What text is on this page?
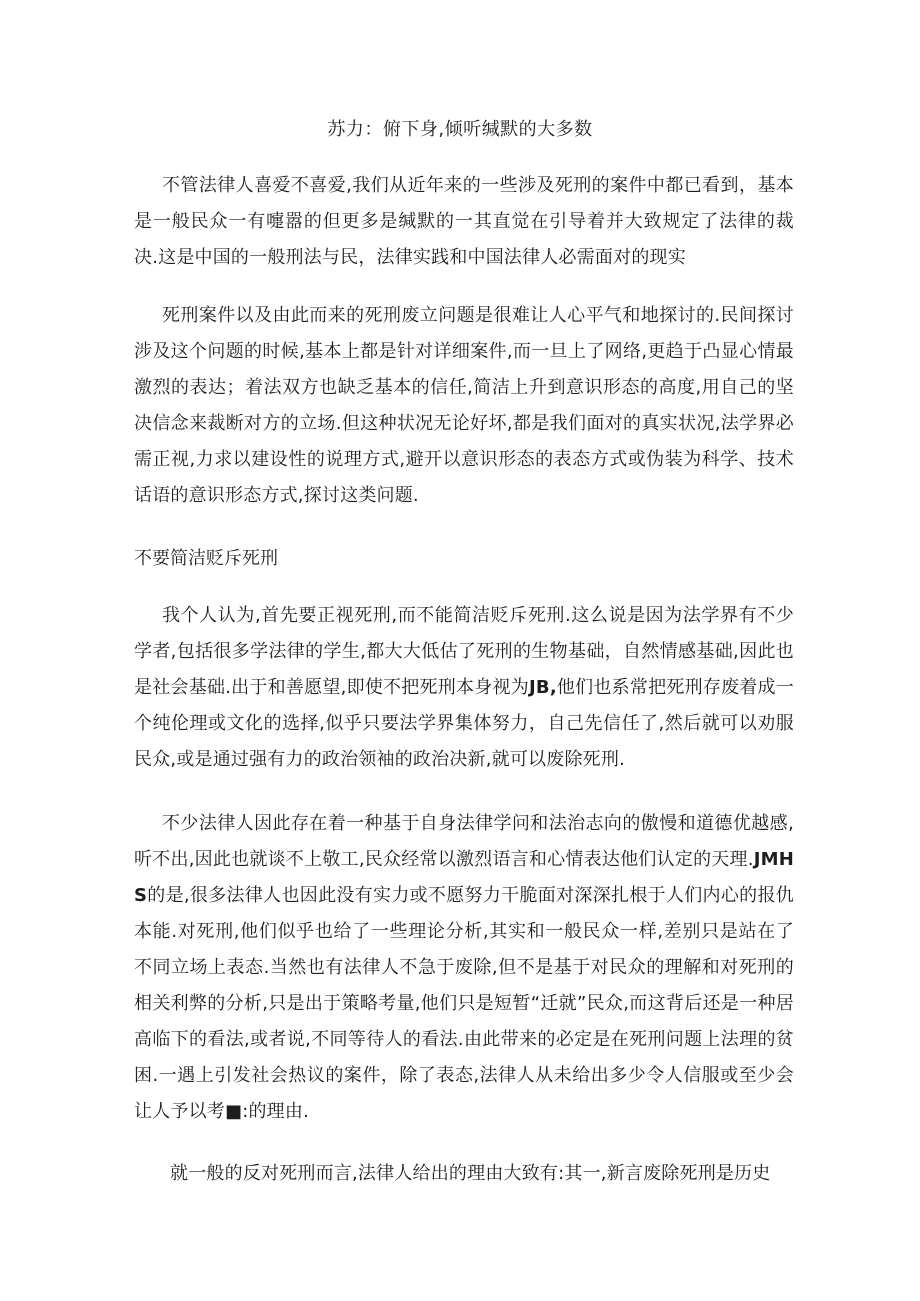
苏力：俯下身,倾听缄默的大多数

不管法律人喜爱不喜爱,我们从近年来的一些涉及死刑的案件中都已看到，基本是一般民众一有嚏嚣的但更多是缄默的一其直觉在引导着并大致规定了法律的裁决.这是中国的一般刑法与民，法律实践和中国法律人必需面对的现实

死刑案件以及由此而来的死刑废立问题是很难让人心平气和地探讨的.民间探讨涉及这个问题的时候,基本上都是针对详细案件,而一旦上了网络,更趋于凸显心情最激烈的表达；着法双方也缺乏基本的信任,简洁上升到意识形态的高度,用自己的坚决信念来裁断对方的立场.但这种状况无论好坏,都是我们面对的真实状况,法学界必需正视,力求以建设性的说理方式,避开以意识形态的表态方式或伪装为科学、技术话语的意识形态方式,探讨这类问题.

不要简洁贬斥死刑

我个人认为,首先要正视死刑,而不能简洁贬斥死刑.这么说是因为法学界有不少学者,包括很多学法律的学生,都大大低估了死刑的生物基础，自然情感基础,因此也是社会基础.出于和善愿望,即使不把死刑本身视为JB,他们也系常把死刑存废着成一个纯伦理或文化的选择,似乎只要法学界集体努力，自己先信任了,然后就可以劝服民众,或是通过强有力的政治领袖的政治决新,就可以废除死刑.

不少法律人因此存在着一种基于自身法律学问和法治志向的傲慢和道德优越感,听不出,因此也就谈不上敬工,民众经常以激烈语言和心情表达他们认定的天理.JMHS的是,很多法律人也因此没有实力或不愿努力干脆面对深深扎根于人们内心的报仇本能.对死刑,他们似乎也给了一些理论分析,其实和一般民众一样,差别只是站在了不同立场上表态.当然也有法律人不急于废除,但不是基于对民众的理解和对死刑的相关利弊的分析,只是出于策略考量,他们只是短暂“迁就”民众,而这背后还是一种居高临下的看法,或者说,不同等待人的看法.由此带来的必定是在死刑问题上法理的贫困.一遇上引发社会热议的案件，除了表态,法律人从未给出多少令人信服或至少会让人予以考■:的理由.

就一般的反对死刑而言,法律人给出的理由大致有:其一,新言废除死刑是历史
